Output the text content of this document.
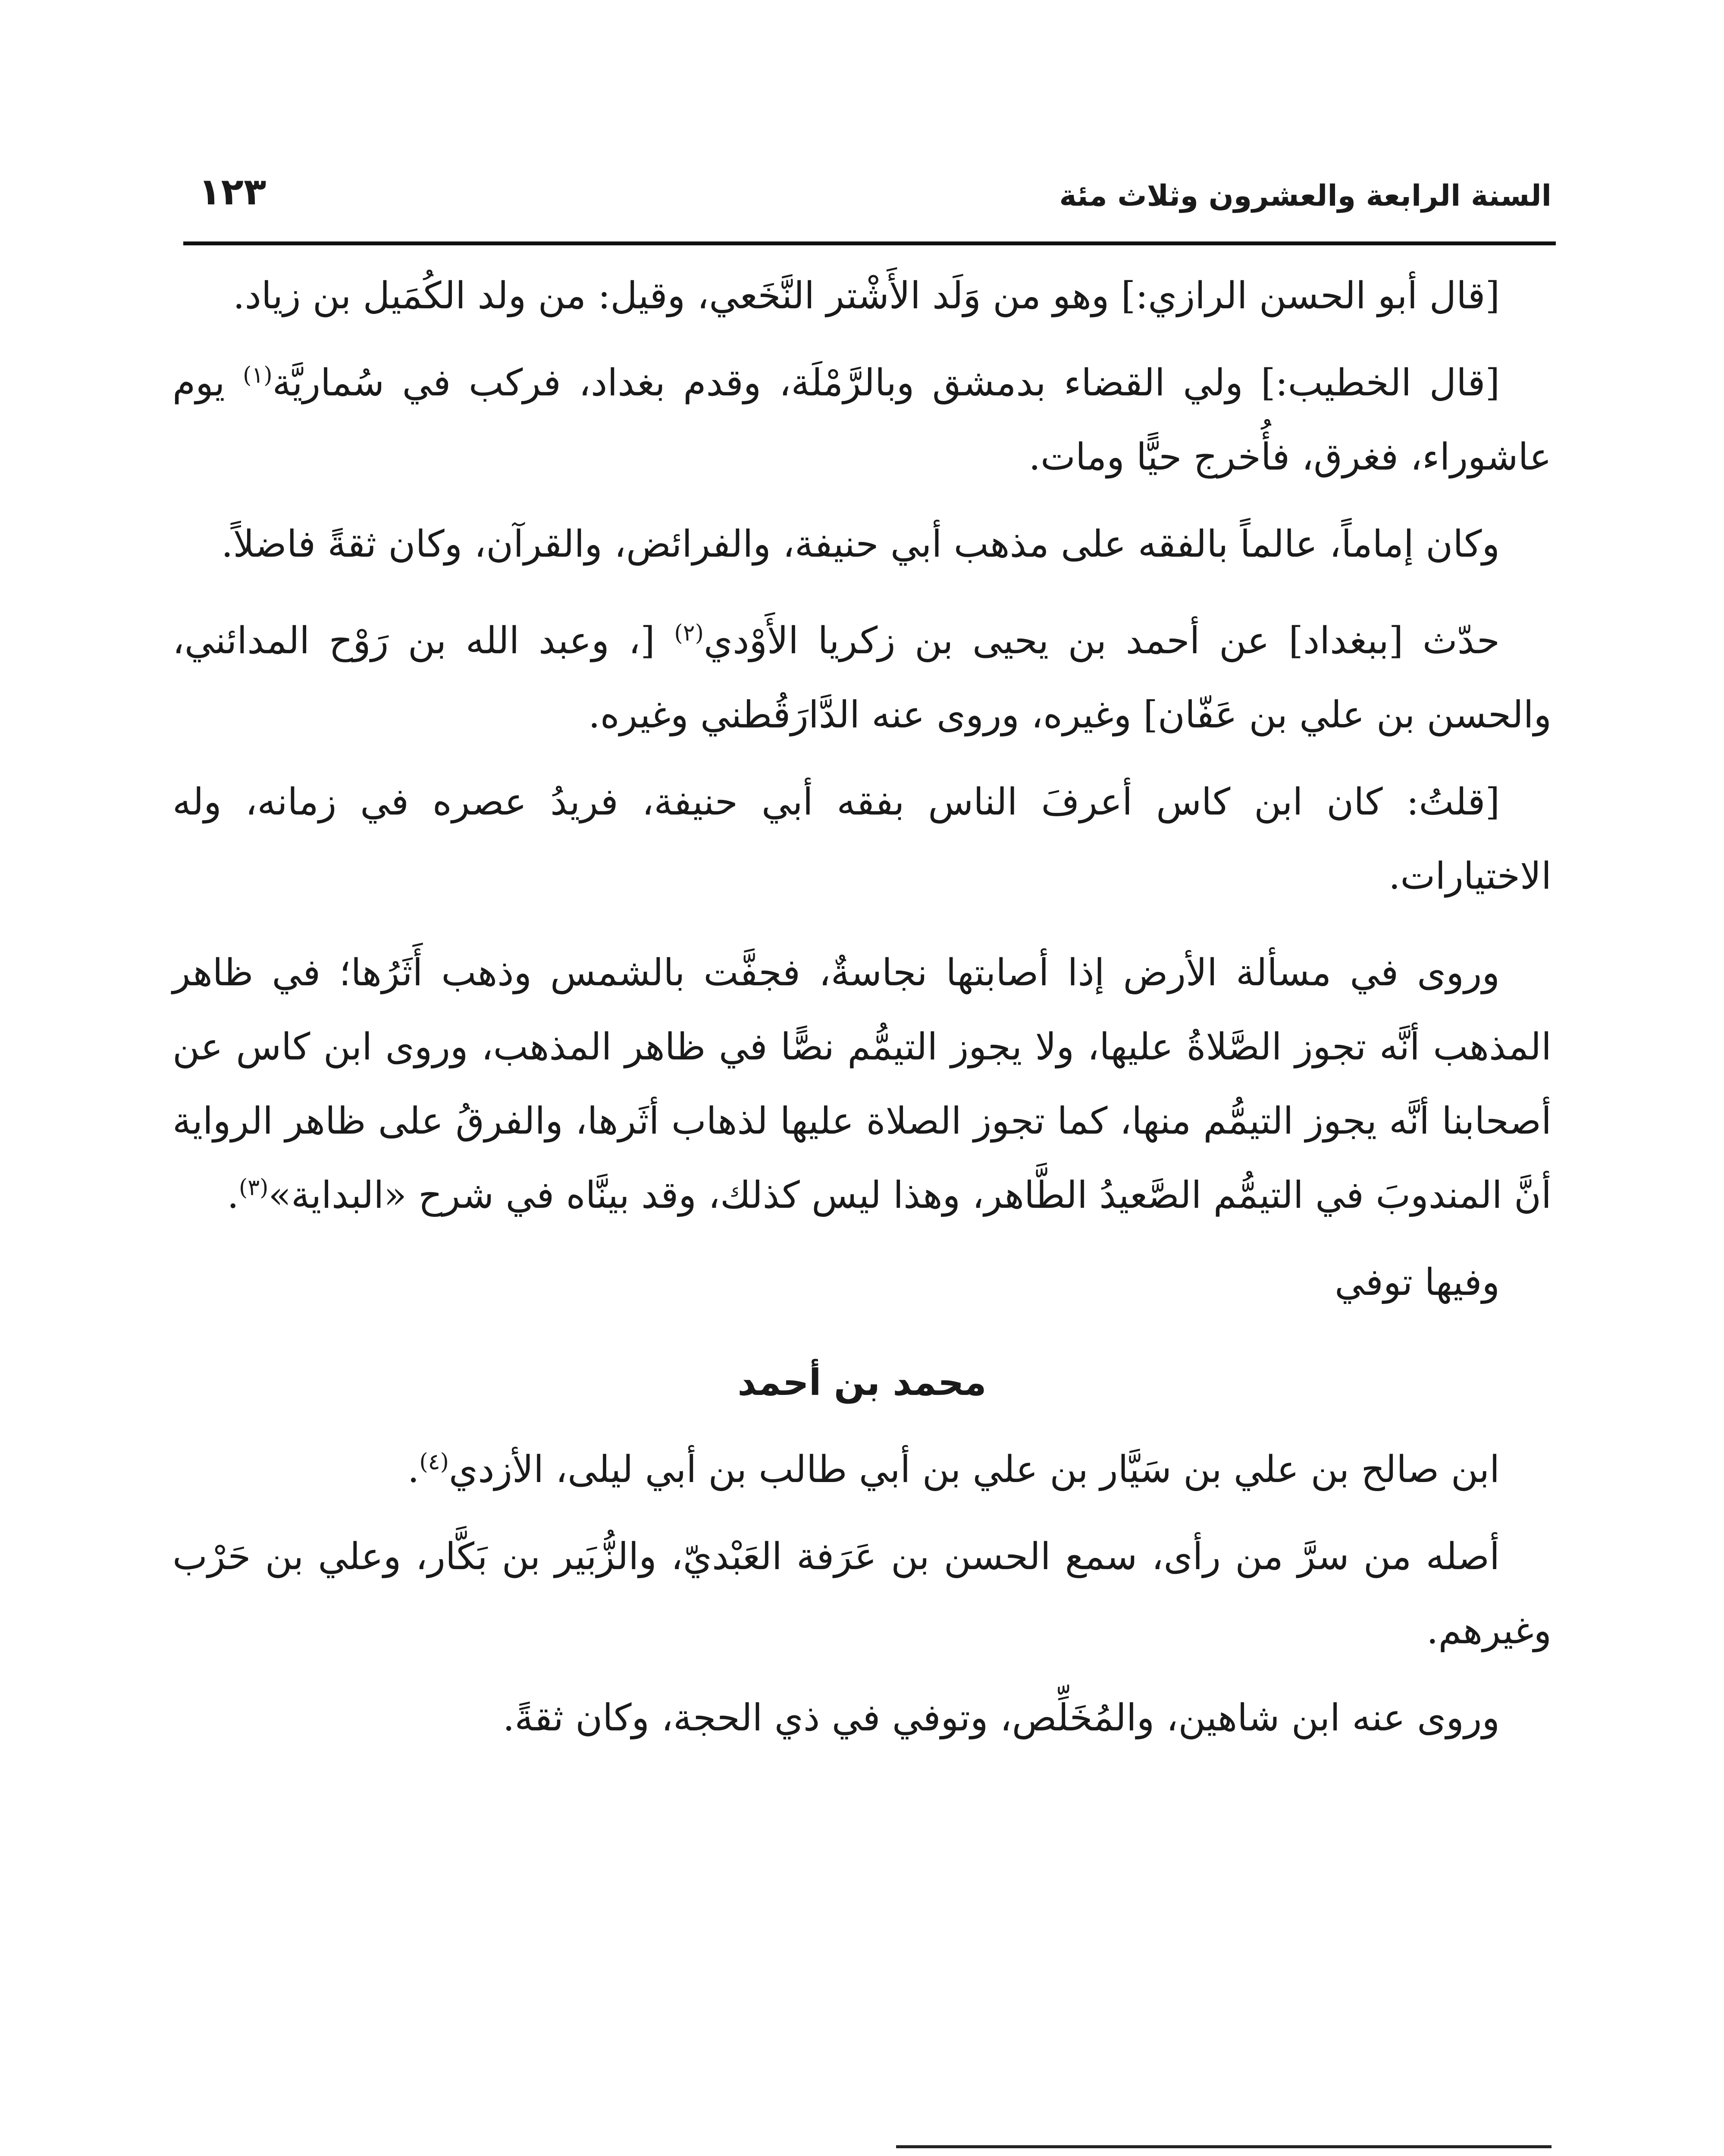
السنة الرابعة والعشرون وثلاث مئة
١٢٣

[قال أبو الحسن الرازي:] وهو من وَلَد الأَشْتر النَّخَعي، وقيل: من ولد الكُمَيل بن زياد.

[قال الخطيب:] ولي القضاء بدمشق وبالرَّمْلَة، وقدم بغداد، فركب في سُماريَّة$^{(١)}$ يوم عاشوراء، فغرق، فأُخرج حيًّا ومات.

وكان إماماً، عالماً بالفقه على مذهب أبي حنيفة، والفرائض، والقرآن، وكان ثقةً فاضلاً.

حدّث [ببغداد] عن أحمد بن يحيى بن زكريا الأَوْدي$^{(٢)}$ [، وعبد الله بن رَوْح المدائني، والحسن بن علي بن عَفّان] وغيره، وروى عنه الدَّارَقُطني وغيره.

[قلتُ: كان ابن كاس أعرفَ الناس بفقه أبي حنيفة، فريدُ عصره في زمانه، وله الاختيارات.

وروى في مسألة الأرض إذا أصابتها نجاسةٌ، فجفَّت بالشمس وذهب أَثَرُها؛ في ظاهر المذهب أنَّه تجوز الصَّلاةُ عليها، ولا يجوز التيمُّم نصًّا في ظاهر المذهب، وروى ابن كاس عن أصحابنا أنَّه يجوز التيمُّم منها، كما تجوز الصلاة عليها لذهاب أثَرها، والفرقُ على ظاهر الرواية أنَّ المندوبَ في التيمُّم الصَّعيدُ الطَّاهر، وهذا ليس كذلك، وقد بينَّاه في شرح «البداية»$^{(٣)}$.

وفيها توفي

محمد بن أحمد

ابن صالح بن علي بن سَيَّار بن علي بن أبي طالب بن أبي ليلى، الأزدي$^{(٤)}$.

أصله من سرَّ من رأى، سمع الحسن بن عَرَفة العَبْديّ، والزُّبَير بن بَكَّار، وعلي بن حَرْب وغيرهم.

وروى عنه ابن شاهين، والمُخَلِّص، وتوفي في ذي الحجة، وكان ثقةً.
